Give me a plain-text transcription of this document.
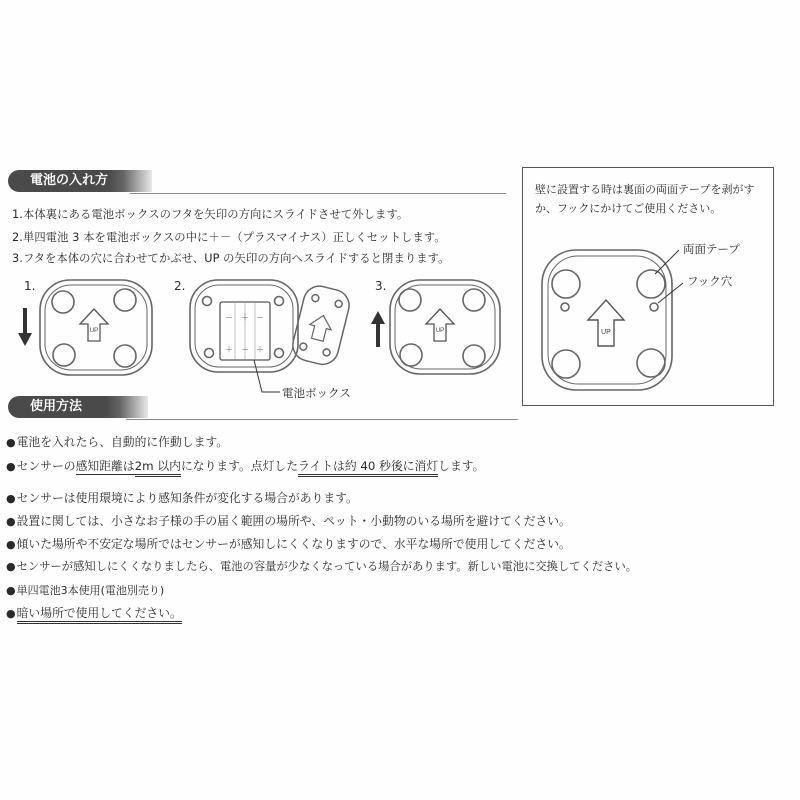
電池の入れ方
1.本体裏にある電池ボックスのフタを矢印の方向にスライドさせて外します。
2.単四電池 3 本を電池ボックスの中に＋－（プラスマイナス）正しくセットします。
3.フタを本体の穴に合わせてかぶせ、UP の矢印の方向へスライドすると閉まります。
1.
UP
－ ＋ －
＋ － ＋
UP	UP
2.	3.
電池ボックス
壁に設置する時は裏面の両面テープを剥がすか、フックにかけてご使用ください。
両面テープ
フック穴
使用方法
●電池を入れたら、自動的に作動します。
●センサーの感知距離は2m 以内になります。点灯したライトは約 40 秒後に消灯します。
●センサーは使用環境により感知条件が変化する場合があります。
●設置に関しては、小さなお子様の手の届く範囲の場所や、ペット・小動物のいる場所を避けてください。
●傾いた場所や不安定な場所ではセンサーが感知しにくくなりますので、水平な場所で使用してください。
●センサーが感知しにくくなりましたら、電池の容量が少なくなっている場合があります。新しい電池に交換してください。
●単四電池3本使用(電池別売り)
●暗い場所で使用してください。
